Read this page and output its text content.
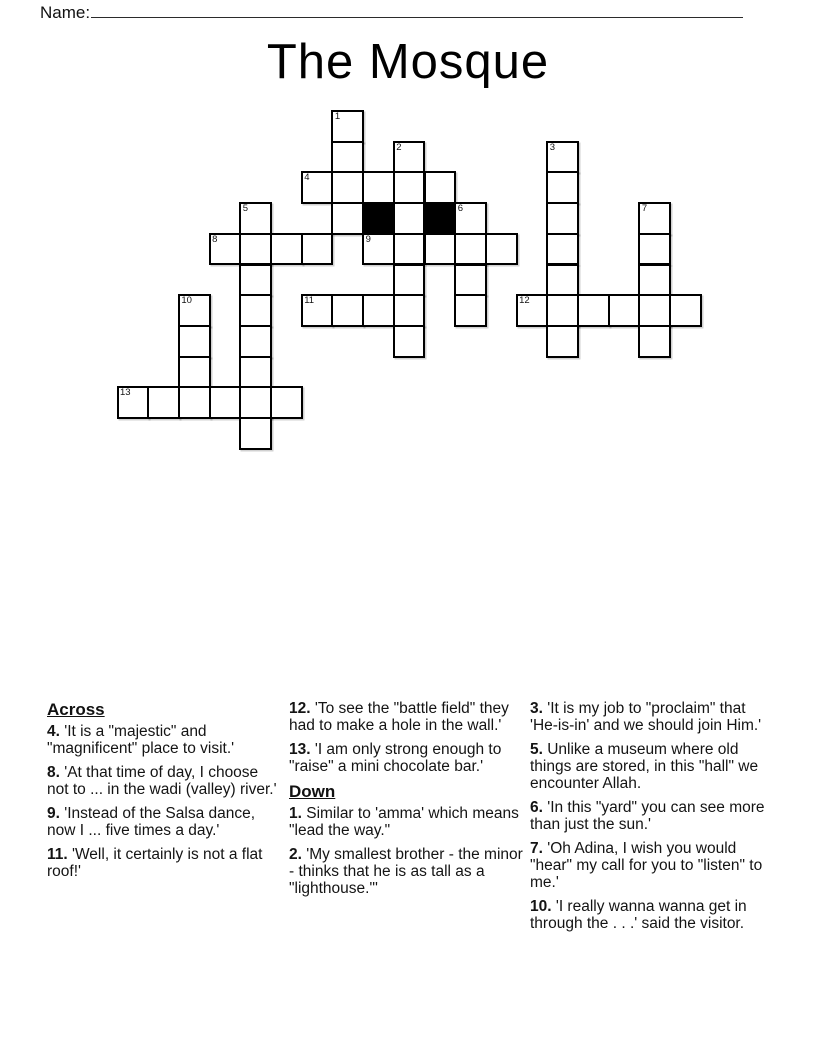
Name:
The Mosque
1
2	3
4
5	6	7
8	9
10	11	12
13
Across

4. 'It is a "majestic" and "magnificent" place to visit.'

8. 'At that time of day, I choose not to ... in the wadi (valley) river.'

9. 'Instead of the Salsa dance, now I ... five times a day.'

11. 'Well, it certainly is not a flat roof!'

12. 'To see the "battle field" they had to make a hole in the wall.'

13. 'I am only strong enough to "raise" a mini chocolate bar.'

Down

1. Similar to 'amma' which means "lead the way."

2. 'My smallest brother - the minor - thinks that he is as tall as a "lighthouse."'

3. 'It is my job to "proclaim" that 'He-is-in' and we should join Him.'

5. Unlike a museum where old things are stored, in this "hall" we encounter Allah.

6. 'In this "yard" you can see more than just the sun.'

7. 'Oh Adina, I wish you would "hear" my call for you to "listen" to me.'

10. 'I really wanna wanna get in through the . . .' said the visitor.
